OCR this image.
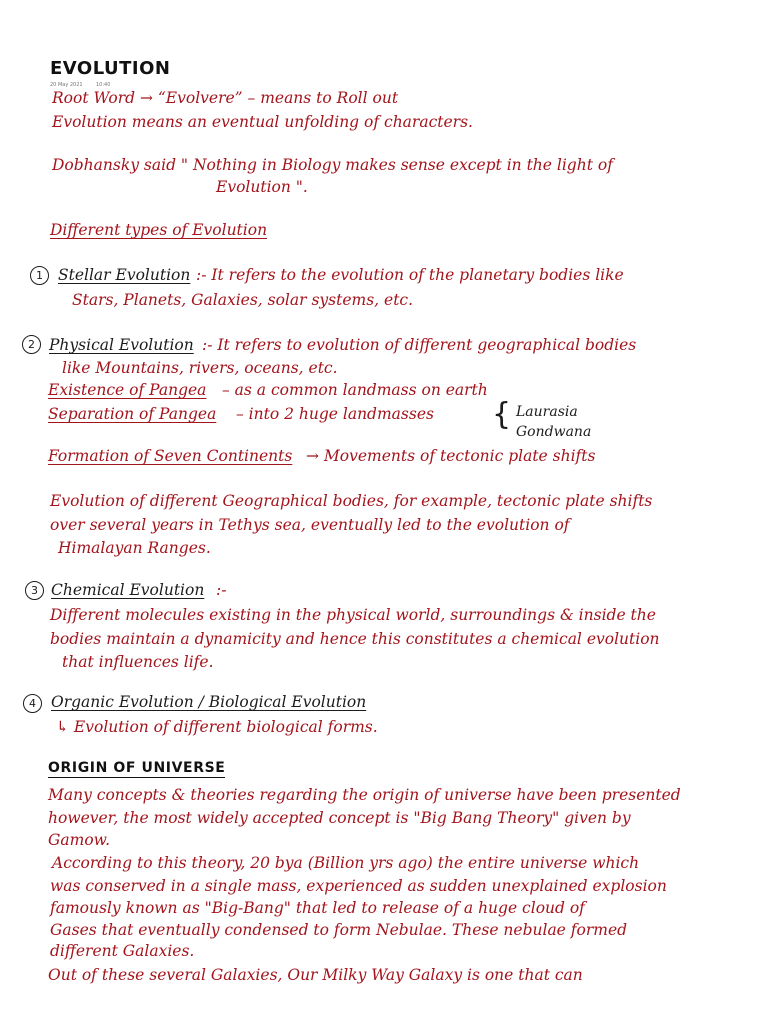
EVOLUTION
20 May 2021	10:40
Root Word → “Evolvere” – means to Roll out
Evolution means an eventual unfolding of characters.
Dobhansky said " Nothing in Biology makes sense except in the light of
Evolution ".
Different types of Evolution
1 Stellar Evolution :- It refers to the evolution of the planetary bodies like
Stars, Planets, Galaxies, solar systems, etc.
2 Physical Evolution :- It refers to evolution of different geographical bodies
like Mountains, rivers, oceans, etc.
Existence of Pangea – as a common landmass on earth
Separation of Pangea – into 2 huge landmasses { Laurasia
Gondwana
Formation of Seven Continents → Movements of tectonic plate shifts
Evolution of different Geographical bodies, for example, tectonic plate shifts
over several years in Tethys sea, eventually led to the evolution of
Himalayan Ranges.
3 Chemical Evolution :-
Different molecules existing in the physical world, surroundings & inside the
bodies maintain a dynamicity and hence this constitutes a chemical evolution
that influences life.
4 Organic Evolution / Biological Evolution
↳ Evolution of different biological forms.
ORIGIN OF UNIVERSE
Many concepts & theories regarding the origin of universe have been presented
however, the most widely accepted concept is "Big Bang Theory" given by
Gamow.
According to this theory, 20 bya (Billion yrs ago) the entire universe which
was conserved in a single mass, experienced as sudden unexplained explosion
famously known as "Big-Bang" that led to release of a huge cloud of
Gases that eventually condensed to form Nebulae. These nebulae formed
different Galaxies.
Out of these several Galaxies, Our Milky Way Galaxy is one that can
